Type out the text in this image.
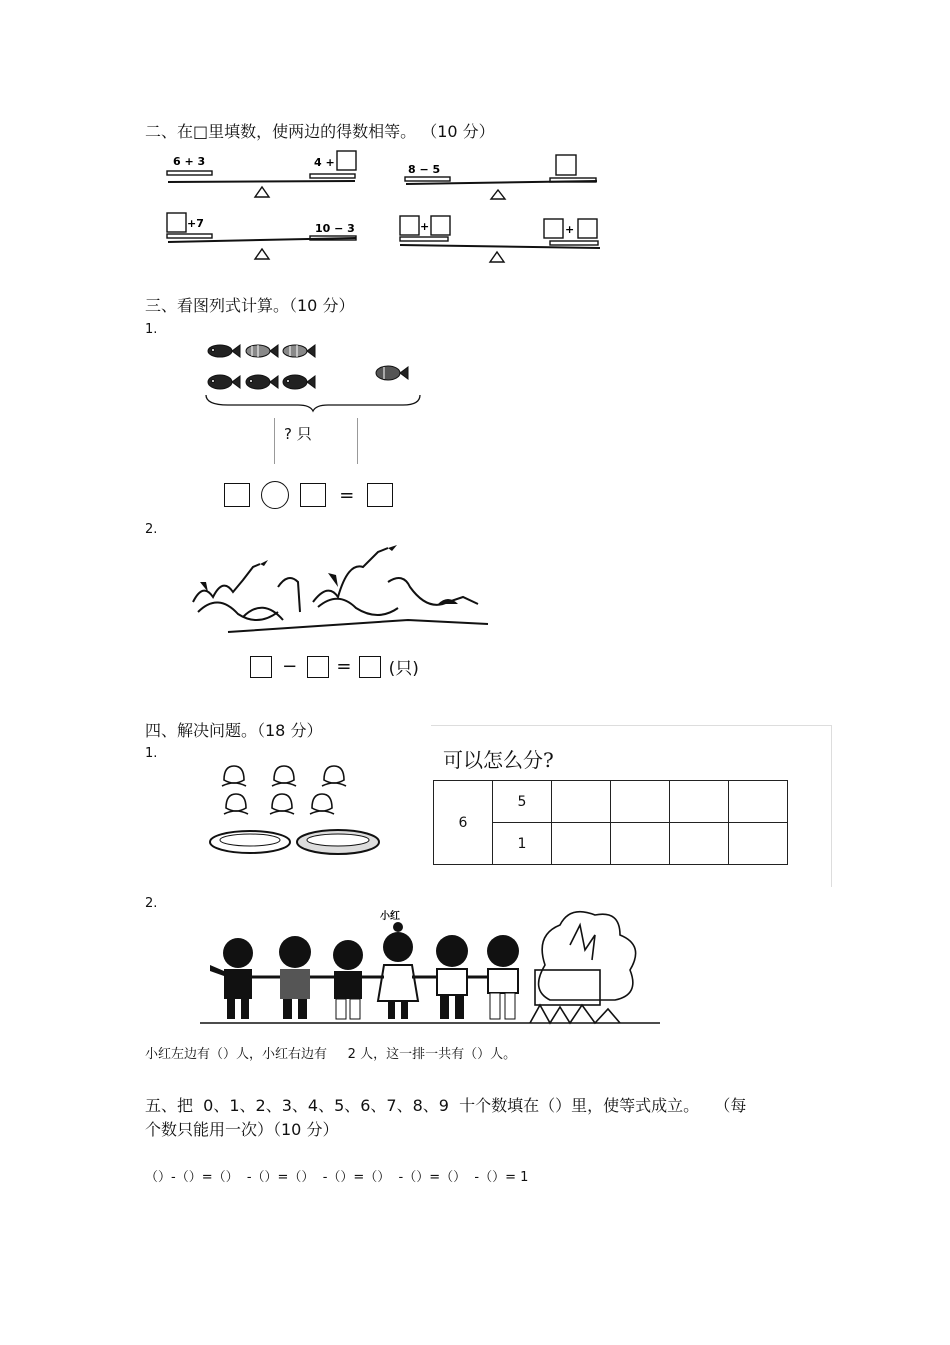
二、在□里填数，使两边的得数相等。 （10 分）
6 + 3	4 +
8 − 5
+7	10 − 3	+	+
三、看图列式计算。（10 分）
1.
? 只
=
2.
− = (只)
四、解决问题。（18 分）
1.	可以怎么分?
6	5				
	1				
2.
小红
小红左边有（）人，小红右边有     2 人，这一排一共有（）人。
五、把  0、1、2、3、4、5、6、7、8、9  十个数填在（）里，使等式成立。   （每
个数只能用一次）（10 分）
（）-（）=（）  -（）=（）  -（）=（）  -（）=（）  -（）= 1
